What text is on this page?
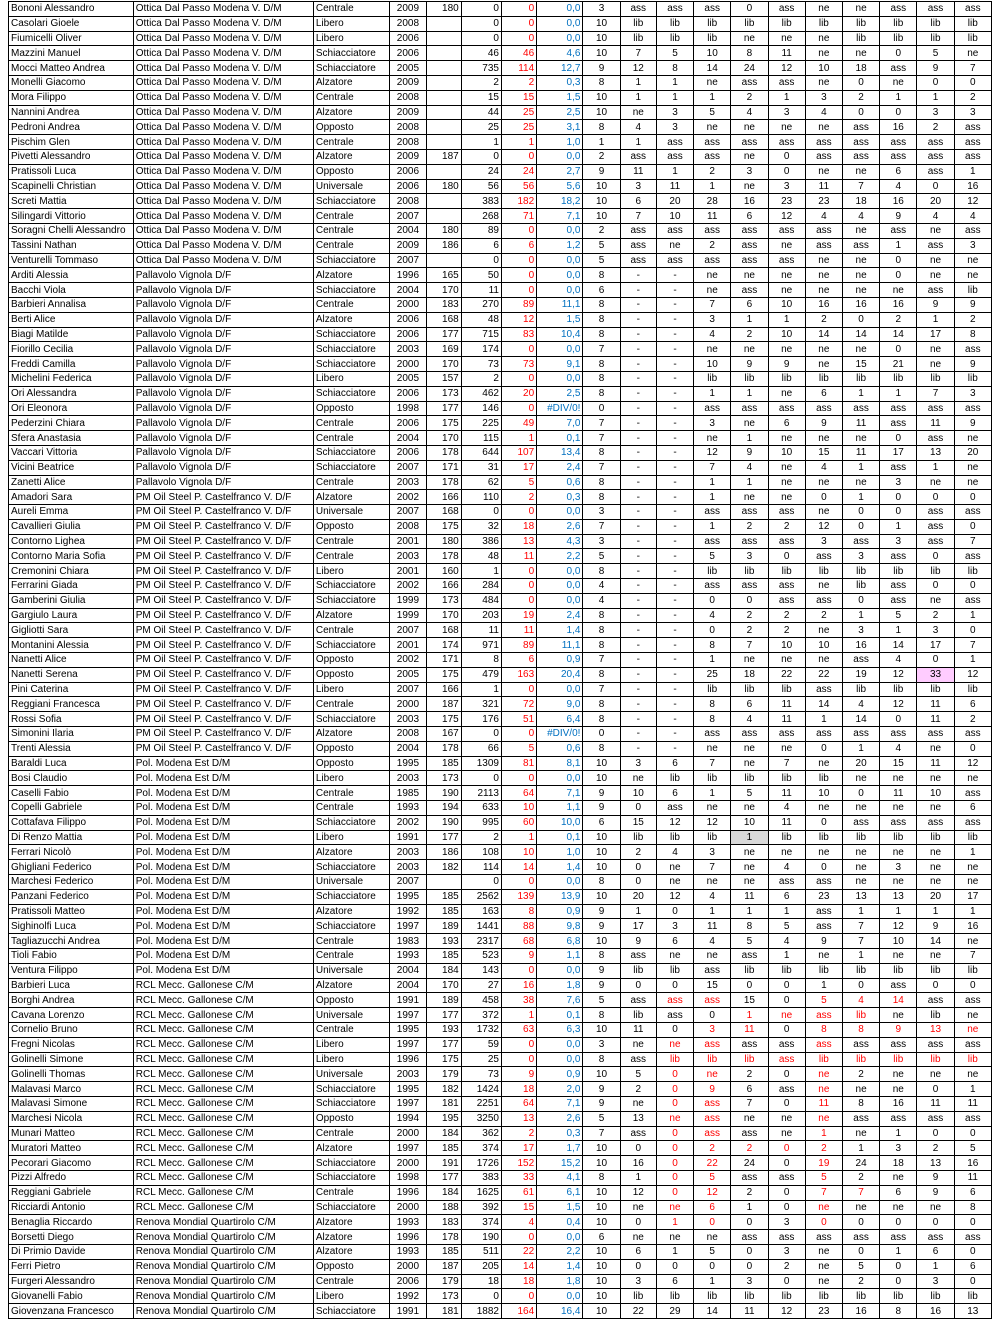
Bononi Alessandro	Ottica Dal Passo Modena V. D/M	Centrale	2009	180	0	0	0,0	3	ass	ass	ass	0	ass	ne	ne	ass	ass	ass
Casolari Gioele	Ottica Dal Passo Modena V. D/M	Libero	2008		0	0	0,0	10	lib	lib	lib	lib	lib	lib	lib	lib	lib	lib
Fiumicelli Oliver	Ottica Dal Passo Modena V. D/M	Libero	2006		0	0	0,0	10	lib	lib	lib	ne	ne	ne	lib	lib	lib	lib
Mazzini Manuel	Ottica Dal Passo Modena V. D/M	Schiacciatore	2006		46	46	4,6	10	7	5	10	8	11	ne	ne	0	5	ne
Mocci Matteo Andrea	Ottica Dal Passo Modena V. D/M	Schiacciatore	2005		735	114	12,7	9	12	8	14	24	12	10	18	ass	9	7
Monelli Giacomo	Ottica Dal Passo Modena V. D/M	Alzatore	2009		2	2	0,3	8	1	1	ne	ass	ass	ne	0	ne	0	0
Mora Filippo	Ottica Dal Passo Modena V. D/M	Centrale	2008		15	15	1,5	10	1	1	1	2	1	3	2	1	1	2
Nannini Andrea	Ottica Dal Passo Modena V. D/M	Alzatore	2009		44	25	2,5	10	ne	3	5	4	3	4	0	0	3	3
Pedroni Andrea	Ottica Dal Passo Modena V. D/M	Opposto	2008		25	25	3,1	8	4	3	ne	ne	ne	ne	ass	16	2	ass
Pischim Glen	Ottica Dal Passo Modena V. D/M	Centrale	2008		1	1	1,0	1	1	ass	ass	ass	ass	ass	ass	ass	ass	ass
Pivetti Alessandro	Ottica Dal Passo Modena V. D/M	Alzatore	2009	187	0	0	0,0	2	ass	ass	ass	ne	0	ass	ass	ass	ass	ass
Pratissoli Luca	Ottica Dal Passo Modena V. D/M	Opposto	2006		24	24	2,7	9	11	1	2	3	0	ne	ne	6	ass	1
Scapinelli Christian	Ottica Dal Passo Modena V. D/M	Universale	2006	180	56	56	5,6	10	3	11	1	ne	3	11	7	4	0	16
Screti Mattia	Ottica Dal Passo Modena V. D/M	Schiacciatore	2008		383	182	18,2	10	6	20	28	16	23	23	18	16	20	12
Silingardi Vittorio	Ottica Dal Passo Modena V. D/M	Centrale	2007		268	71	7,1	10	7	10	11	6	12	4	4	9	4	4
Soragni Chelli Alessandro	Ottica Dal Passo Modena V. D/M	Centrale	2004	180	89	0	0,0	2	ass	ass	ass	ass	ass	ass	ne	ass	ne	ass
Tassini Nathan	Ottica Dal Passo Modena V. D/M	Centrale	2009	186	6	6	1,2	5	ass	ne	2	ass	ne	ass	ass	1	ass	3
Venturelli Tommaso	Ottica Dal Passo Modena V. D/M	Schiacciatore	2007		0	0	0,0	5	ass	ass	ass	ass	ass	ne	ne	0	ne	ne
Arditi Alessia	Pallavolo Vignola D/F	Alzatore	1996	165	50	0	0,0	8	-	-	ne	ne	ne	ne	ne	0	ne	ne
Bacchi Viola	Pallavolo Vignola D/F	Schiacciatore	2004	170	11	0	0,0	6	-	-	ne	ass	ne	ne	ne	ne	ass	lib
Barbieri Annalisa	Pallavolo Vignola D/F	Centrale	2000	183	270	89	11,1	8	-	-	7	6	10	16	16	16	9	9
Berti Alice	Pallavolo Vignola D/F	Alzatore	2006	168	48	12	1,5	8	-	-	3	1	1	2	0	2	1	2
Biagi Matilde	Pallavolo Vignola D/F	Schiacciatore	2006	177	715	83	10,4	8	-	-	4	2	10	14	14	14	17	8
Fiorillo Cecilia	Pallavolo Vignola D/F	Schiacciatore	2003	169	174	0	0,0	7	-	-	ne	ne	ne	ne	ne	0	ne	ass
Freddi Camilla	Pallavolo Vignola D/F	Schiacciatore	2000	170	73	73	9,1	8	-	-	10	9	9	ne	15	21	ne	9
Michelini Federica	Pallavolo Vignola D/F	Libero	2005	157	2	0	0,0	8	-	-	lib	lib	lib	lib	lib	lib	lib	lib
Ori Alessandra	Pallavolo Vignola D/F	Schiacciatore	2006	173	462	20	2,5	8	-	-	1	1	ne	6	1	1	7	3
Ori Eleonora	Pallavolo Vignola D/F	Opposto	1998	177	146	0	#DIV/0!	0	-	-	ass	ass	ass	ass	ass	ass	ass	ass
Pederzini Chiara	Pallavolo Vignola D/F	Centrale	2006	175	225	49	7,0	7	-	-	3	ne	6	9	11	ass	11	9
Sfera Anastasia	Pallavolo Vignola D/F	Centrale	2004	170	115	1	0,1	7	-	-	ne	1	ne	ne	ne	0	ass	ne
Vaccari Vittoria	Pallavolo Vignola D/F	Schiacciatore	2006	178	644	107	13,4	8	-	-	12	9	10	15	11	17	13	20
Vicini Beatrice	Pallavolo Vignola D/F	Schiacciatore	2007	171	31	17	2,4	7	-	-	7	4	ne	4	1	ass	1	ne
Zanetti Alice	Pallavolo Vignola D/F	Centrale	2003	178	62	5	0,6	8	-	-	1	1	ne	ne	ne	3	ne	ne
Amadori Sara	PM Oil Steel P. Castelfranco V. D/F	Alzatore	2002	166	110	2	0,3	8	-	-	1	ne	ne	0	1	0	0	0
Aureli Emma	PM Oil Steel P. Castelfranco V. D/F	Universale	2007	168	0	0	0,0	3	-	-	ass	ass	ass	ne	0	0	ass	ass
Cavallieri Giulia	PM Oil Steel P. Castelfranco V. D/F	Opposto	2008	175	32	18	2,6	7	-	-	1	2	2	12	0	1	ass	0
Contorno Lighea	PM Oil Steel P. Castelfranco V. D/F	Centrale	2001	180	386	13	4,3	3	-	-	ass	ass	ass	3	ass	3	ass	7
Contorno Maria Sofia	PM Oil Steel P. Castelfranco V. D/F	Centrale	2003	178	48	11	2,2	5	-	-	5	3	0	ass	3	ass	0	ass
Cremonini Chiara	PM Oil Steel P. Castelfranco V. D/F	Libero	2001	160	1	0	0,0	8	-	-	lib	lib	lib	lib	lib	lib	lib	lib
Ferrarini Giada	PM Oil Steel P. Castelfranco V. D/F	Schiacciatore	2002	166	284	0	0,0	4	-	-	ass	ass	ass	ne	lib	ass	0	0
Gamberini Giulia	PM Oil Steel P. Castelfranco V. D/F	Schiacciatore	1999	173	484	0	0,0	4	-	-	0	0	ass	ass	0	ass	ne	ass
Gargiulo Laura	PM Oil Steel P. Castelfranco V. D/F	Alzatore	1999	170	203	19	2,4	8	-	-	4	2	2	2	1	5	2	1
Gigliotti Sara	PM Oil Steel P. Castelfranco V. D/F	Centrale	2007	168	11	11	1,4	8	-	-	0	2	2	ne	3	1	3	0
Montanini Alessia	PM Oil Steel P. Castelfranco V. D/F	Schiacciatore	2001	174	971	89	11,1	8	-	-	8	7	10	10	16	14	17	7
Nanetti Alice	PM Oil Steel P. Castelfranco V. D/F	Opposto	2002	171	8	6	0,9	7	-	-	1	ne	ne	ne	ass	4	0	1
Nanetti Serena	PM Oil Steel P. Castelfranco V. D/F	Opposto	2005	175	479	163	20,4	8	-	-	25	18	22	22	19	12	33	12
Pini Caterina	PM Oil Steel P. Castelfranco V. D/F	Libero	2007	166	1	0	0,0	7	-	-	lib	lib	lib	ass	lib	lib	lib	lib
Reggiani Francesca	PM Oil Steel P. Castelfranco V. D/F	Centrale	2000	187	321	72	9,0	8	-	-	8	6	11	14	4	12	11	6
Rossi Sofia	PM Oil Steel P. Castelfranco V. D/F	Schiacciatore	2003	175	176	51	6,4	8	-	-	8	4	11	1	14	0	11	2
Simonini Ilaria	PM Oil Steel P. Castelfranco V. D/F	Alzatore	2008	167	0	0	#DIV/0!	0	-	-	ass	ass	ass	ass	ass	ass	ass	ass
Trenti Alessia	PM Oil Steel P. Castelfranco V. D/F	Opposto	2004	178	66	5	0,6	8	-	-	ne	ne	ne	0	1	4	ne	0
Baraldi Luca	Pol. Modena Est D/M	Opposto	1995	185	1309	81	8,1	10	3	6	7	ne	7	ne	20	15	11	12
Bosi Claudio	Pol. Modena Est D/M	Libero	2003	173	0	0	0,0	10	ne	lib	lib	lib	lib	lib	ne	ne	ne	ne
Caselli Fabio	Pol. Modena Est D/M	Centrale	1985	190	2113	64	7,1	9	10	6	1	5	11	10	0	11	10	ass
Copelli Gabriele	Pol. Modena Est D/M	Centrale	1993	194	633	10	1,1	9	0	ass	ne	ne	4	ne	ne	ne	ne	6
Cottafava Filippo	Pol. Modena Est D/M	Schiacciatore	2002	190	995	60	10,0	6	15	12	12	10	11	0	ass	ass	ass	ass
Di Renzo Mattia	Pol. Modena Est D/M	Libero	1991	177	2	1	0,1	10	lib	lib	lib	1	lib	lib	lib	lib	lib	lib
Ferrari Nicolò	Pol. Modena Est D/M	Alzatore	2003	186	108	10	1,0	10	2	4	3	ne	ne	ne	ne	ne	ne	1
Ghigliani Federico	Pol. Modena Est D/M	Schiacciatore	2003	182	114	14	1,4	10	0	ne	7	ne	4	0	ne	3	ne	ne
Marchesi Federico	Pol. Modena Est D/M	Universale	2007		0	0	0,0	8	0	ne	ne	ne	ass	ass	ne	ne	ne	ne
Panzani Federico	Pol. Modena Est D/M	Schiacciatore	1995	185	2562	139	13,9	10	20	12	4	11	6	23	13	13	20	17
Pratissoli Matteo	Pol. Modena Est D/M	Alzatore	1992	185	163	8	0,9	9	1	0	1	1	1	ass	1	1	1	1
Sighinolfi Luca	Pol. Modena Est D/M	Schiacciatore	1997	189	1441	88	9,8	9	17	3	11	8	5	ass	7	12	9	16
Tagliazucchi Andrea	Pol. Modena Est D/M	Centrale	1983	193	2317	68	6,8	10	9	6	4	5	4	9	7	10	14	ne
Tioli Fabio	Pol. Modena Est D/M	Centrale	1993	185	523	9	1,1	8	ass	ne	ne	ass	1	ne	1	ne	ne	7
Ventura Filippo	Pol. Modena Est D/M	Universale	2004	184	143	0	0,0	9	lib	lib	ass	lib	lib	lib	lib	lib	lib	lib
Barbieri Luca	RCL Mecc. Gallonese C/M	Alzatore	2004	170	27	16	1,8	9	0	0	15	0	0	1	0	ass	0	0
Borghi Andrea	RCL Mecc. Gallonese C/M	Opposto	1991	189	458	38	7,6	5	ass	ass	ass	15	0	5	4	14	ass	ass
Cavana Lorenzo	RCL Mecc. Gallonese C/M	Universale	1997	177	372	1	0,1	8	lib	ass	0	1	ne	ass	lib	ne	lib	ne
Cornelio Bruno	RCL Mecc. Gallonese C/M	Centrale	1995	193	1732	63	6,3	10	11	0	3	11	0	8	8	9	13	ne
Fregni Nicolas	RCL Mecc. Gallonese C/M	Libero	1997	177	59	0	0,0	3	ne	ne	ass	ass	ass	ass	ass	ass	ass	ass
Golinelli Simone	RCL Mecc. Gallonese C/M	Libero	1996	175	25	0	0,0	8	ass	lib	lib	lib	ass	lib	lib	lib	lib	lib
Golinelli Thomas	RCL Mecc. Gallonese C/M	Universale	2003	179	73	9	0,9	10	5	0	ne	2	0	ne	2	ne	ne	ne
Malavasi Marco	RCL Mecc. Gallonese C/M	Schiacciatore	1995	182	1424	18	2,0	9	2	0	9	6	ass	ne	ne	ne	0	1
Malavasi Simone	RCL Mecc. Gallonese C/M	Schiacciatore	1997	181	2251	64	7,1	9	ne	0	ass	7	0	11	8	16	11	11
Marchesi Nicola	RCL Mecc. Gallonese C/M	Opposto	1994	195	3250	13	2,6	5	13	ne	ass	ne	ne	ne	ass	ass	ass	ass
Munari Matteo	RCL Mecc. Gallonese C/M	Centrale	2000	184	362	2	0,3	7	ass	0	ass	ass	ne	1	ne	1	0	0
Muratori Matteo	RCL Mecc. Gallonese C/M	Alzatore	1997	185	374	17	1,7	10	0	0	2	2	0	2	1	3	2	5
Pecorari Giacomo	RCL Mecc. Gallonese C/M	Schiacciatore	2000	191	1726	152	15,2	10	16	0	22	24	0	19	24	18	13	16
Pizzi Alfredo	RCL Mecc. Gallonese C/M	Schiacciatore	1998	177	383	33	4,1	8	1	0	5	ass	ass	5	2	ne	9	11
Reggiani Gabriele	RCL Mecc. Gallonese C/M	Centrale	1996	184	1625	61	6,1	10	12	0	12	2	0	7	7	6	9	6
Ricciardi Antonio	RCL Mecc. Gallonese C/M	Schiacciatore	2000	188	392	15	1,5	10	ne	ne	6	1	0	ne	ne	ne	ne	8
Benaglia Riccardo	Renova Mondial Quartirolo C/M	Alzatore	1993	183	374	4	0,4	10	0	1	0	0	3	0	0	0	0	0
Borsetti Diego	Renova Mondial Quartirolo C/M	Alzatore	1996	178	190	0	0,0	6	ne	ne	ne	ass	ass	ass	ass	ass	ass	ass
Di Primio Davide	Renova Mondial Quartirolo C/M	Alzatore	1993	185	511	22	2,2	10	6	1	5	0	3	ne	0	1	6	0
Ferri Pietro	Renova Mondial Quartirolo C/M	Opposto	2000	187	205	14	1,4	10	0	0	0	0	2	ne	5	0	1	6
Furgeri Alessandro	Renova Mondial Quartirolo C/M	Centrale	2006	179	18	18	1,8	10	3	6	1	3	0	ne	2	0	3	0
Giovanelli Fabio	Renova Mondial Quartirolo C/M	Libero	1992	173	0	0	0,0	10	lib	lib	lib	lib	lib	lib	lib	lib	lib	lib
Giovenzana Francesco	Renova Mondial Quartirolo C/M	Schiacciatore	1991	181	1882	164	16,4	10	22	29	14	11	12	23	16	8	16	13
